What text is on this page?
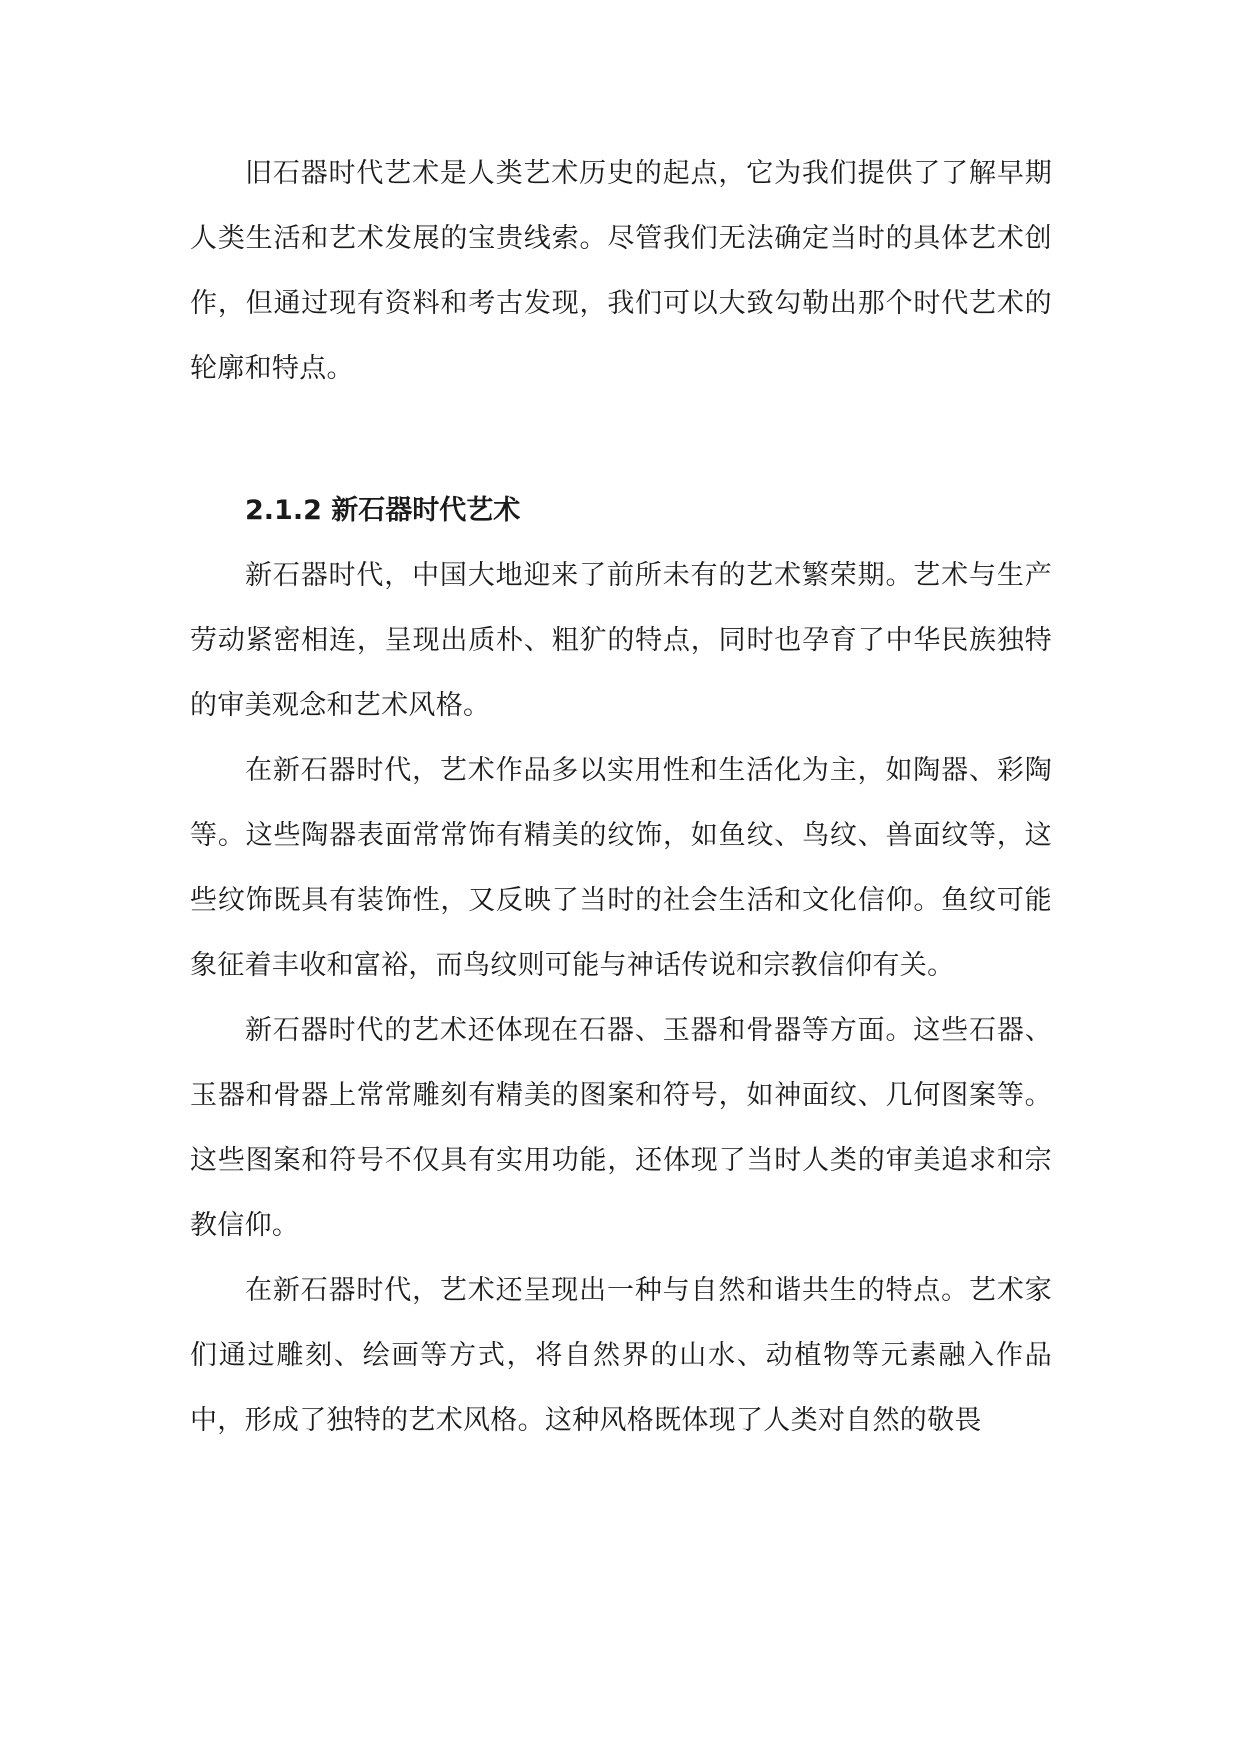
旧石器时代艺术是人类艺术历史的起点，它为我们提供了了解早期人类生活和艺术发展的宝贵线索。尽管我们无法确定当时的具体艺术创作，但通过现有资料和考古发现，我们可以大致勾勒出那个时代艺术的轮廓和特点。

2.1.2 新石器时代艺术

新石器时代，中国大地迎来了前所未有的艺术繁荣期。艺术与生产劳动紧密相连，呈现出质朴、粗犷的特点，同时也孕育了中华民族独特的审美观念和艺术风格。

在新石器时代，艺术作品多以实用性和生活化为主，如陶器、彩陶等。这些陶器表面常常饰有精美的纹饰，如鱼纹、鸟纹、兽面纹等，这些纹饰既具有装饰性，又反映了当时的社会生活和文化信仰。鱼纹可能象征着丰收和富裕，而鸟纹则可能与神话传说和宗教信仰有关。

新石器时代的艺术还体现在石器、玉器和骨器等方面。这些石器、玉器和骨器上常常雕刻有精美的图案和符号，如神面纹、几何图案等。这些图案和符号不仅具有实用功能，还体现了当时人类的审美追求和宗教信仰。

在新石器时代，艺术还呈现出一种与自然和谐共生的特点。艺术家们通过雕刻、绘画等方式，将自然界的山水、动植物等元素融入作品中，形成了独特的艺术风格。这种风格既体现了人类对自然的敬畏
